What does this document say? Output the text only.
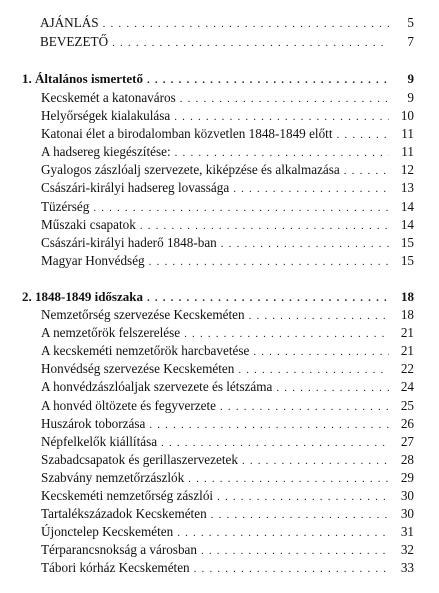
AJÁNLÁS . . .	5
BEVEZETŐ . . .	7
1. Általános ismertető . . .	9
Kecskemét a katonaváros . . .	9
Helyőrségek kialakulása . . .	10
Katonai élet a birodalomban közvetlen 1848-1849 előtt . . .	11
A hadsereg kiegészítése: . . .	11
Gyalogos zászlóalj szervezete, kiképzése és alkalmazása . . .	12
Császári-királyi hadsereg lovassága . . .	13
Tüzérség . . .	14
Műszaki csapatok . . .	14
Császári-királyi haderő 1848-ban . . .	15
Magyar Honvédség . . .	15
2. 1848-1849 időszaka . . .	18
Nemzetőrség szervezése Kecskeméten . . .	18
A nemzetőrök felszerelése . . .	21
A kecskeméti nemzetőrök harcbavetése . . .	21
Honvédség szervezése Kecskeméten . . .	22
A honvédzászlóaljak szervezete és létszáma . . .	24
A honvéd öltözete és fegyverzete . . .	25
Huszárok toborzása . . .	26
Népfelkelők kiállítása . . .	27
Szabadcsapatok és gerillaszervezetek . . .	28
Szabvány nemzetőrzászlók . . .	29
Kecskeméti nemzetőrség zászlói . . .	30
Tartalékszázadok Kecskeméten . . .	30
Újonctelep Kecskeméten . . .	31
Térparancsnokság a városban . . .	32
Tábori kórház Kecskeméten . . .	33
